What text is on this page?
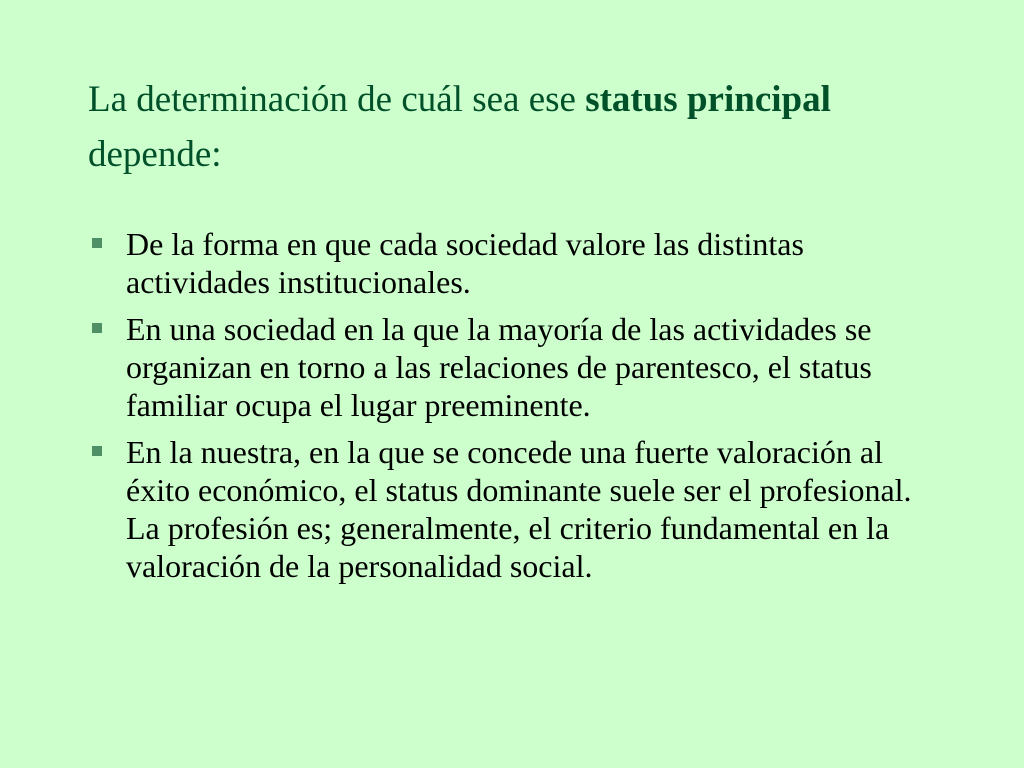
La determinación de cuál sea ese status principal depende:
De la forma en que cada sociedad valore las distintas actividades institucionales.
En una sociedad en la que la mayoría de las actividades se organizan en torno a las relaciones de parentesco, el status familiar ocupa el lugar preeminente.
En la nuestra, en la que se concede una fuerte valoración al éxito económico, el status dominante suele ser el profesional. La profesión es; generalmente, el criterio fundamental en la valoración de la personalidad social.
